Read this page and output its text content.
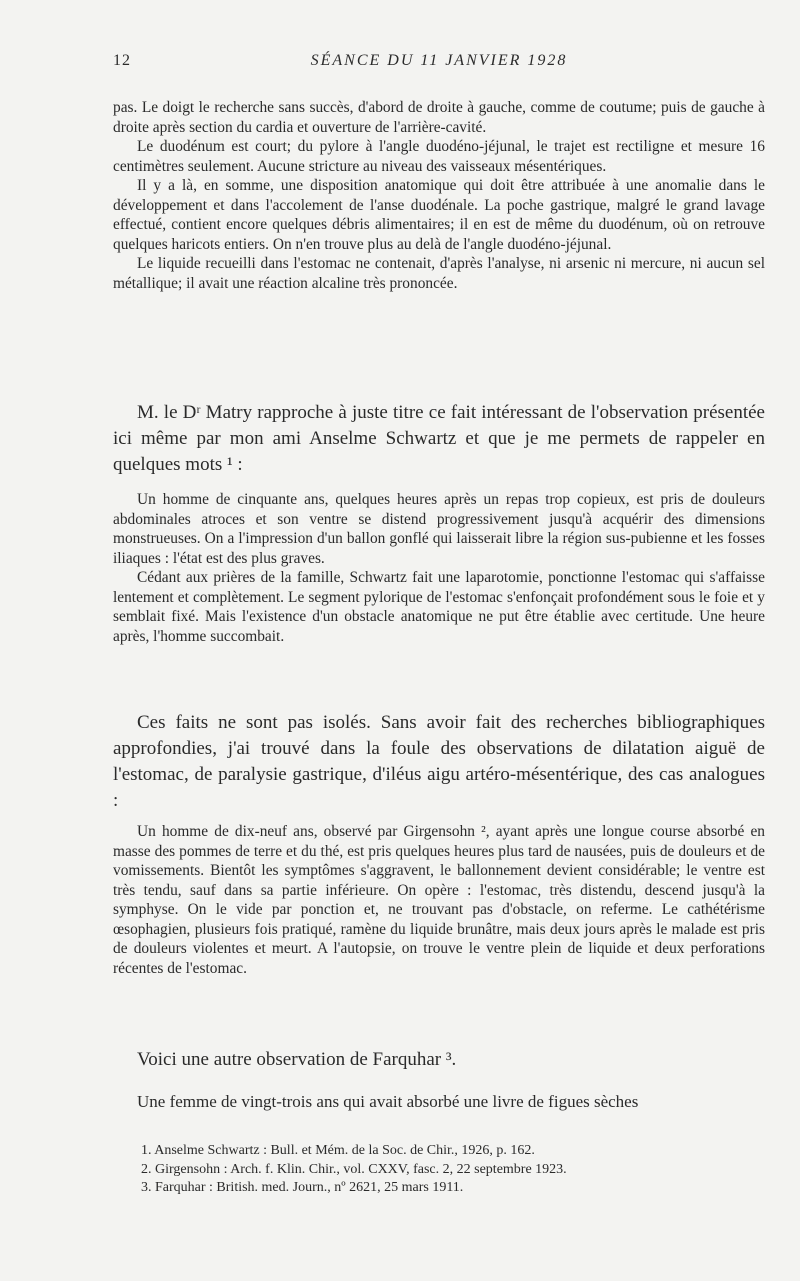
12	SÉANCE DU 11 JANVIER 1928

pas. Le doigt le recherche sans succès, d'abord de droite à gauche, comme de coutume; puis de gauche à droite après section du cardia et ouverture de l'arrière-cavité.

Le duodénum est court; du pylore à l'angle duodéno-jéjunal, le trajet est rectiligne et mesure 16 centimètres seulement. Aucune stricture au niveau des vaisseaux mésentériques.

Il y a là, en somme, une disposition anatomique qui doit être attribuée à une anomalie dans le développement et dans l'accolement de l'anse duodénale. La poche gastrique, malgré le grand lavage effectué, contient encore quelques débris alimentaires; il en est de même du duodénum, où on retrouve quelques haricots entiers. On n'en trouve plus au delà de l'angle duodéno-jéjunal.

Le liquide recueilli dans l'estomac ne contenait, d'après l'analyse, ni arsenic ni mercure, ni aucun sel métallique; il avait une réaction alcaline très prononcée.

M. le Dʳ Matry rapproche à juste titre ce fait intéressant de l'observation présentée ici même par mon ami Anselme Schwartz et que je me permets de rappeler en quelques mots ¹ :

Un homme de cinquante ans, quelques heures après un repas trop copieux, est pris de douleurs abdominales atroces et son ventre se distend progressivement jusqu'à acquérir des dimensions monstrueuses. On a l'impression d'un ballon gonflé qui laisserait libre la région sus-pubienne et les fosses iliaques : l'état est des plus graves.

Cédant aux prières de la famille, Schwartz fait une laparotomie, ponctionne l'estomac qui s'affaisse lentement et complètement. Le segment pylorique de l'estomac s'enfonçait profondément sous le foie et y semblait fixé. Mais l'existence d'un obstacle anatomique ne put être établie avec certitude. Une heure après, l'homme succombait.

Ces faits ne sont pas isolés. Sans avoir fait des recherches bibliographiques approfondies, j'ai trouvé dans la foule des observations de dilatation aiguë de l'estomac, de paralysie gastrique, d'iléus aigu artéro-mésentérique, des cas analogues :

Un homme de dix-neuf ans, observé par Girgensohn ², ayant après une longue course absorbé en masse des pommes de terre et du thé, est pris quelques heures plus tard de nausées, puis de douleurs et de vomissements. Bientôt les symptômes s'aggravent, le ballonnement devient considérable; le ventre est très tendu, sauf dans sa partie inférieure. On opère : l'estomac, très distendu, descend jusqu'à la symphyse. On le vide par ponction et, ne trouvant pas d'obstacle, on referme. Le cathétérisme œsophagien, plusieurs fois pratiqué, ramène du liquide brunâtre, mais deux jours après le malade est pris de douleurs violentes et meurt. A l'autopsie, on trouve le ventre plein de liquide et deux perforations récentes de l'estomac.

Voici une autre observation de Farquhar ³.

Une femme de vingt-trois ans qui avait absorbé une livre de figues sèches

1. Anselme Schwartz : Bull. et Mém. de la Soc. de Chir., 1926, p. 162.
2. Girgensohn : Arch. f. Klin. Chir., vol. CXXV, fasc. 2, 22 septembre 1923.
3. Farquhar : British. med. Journ., nº 2621, 25 mars 1911.
